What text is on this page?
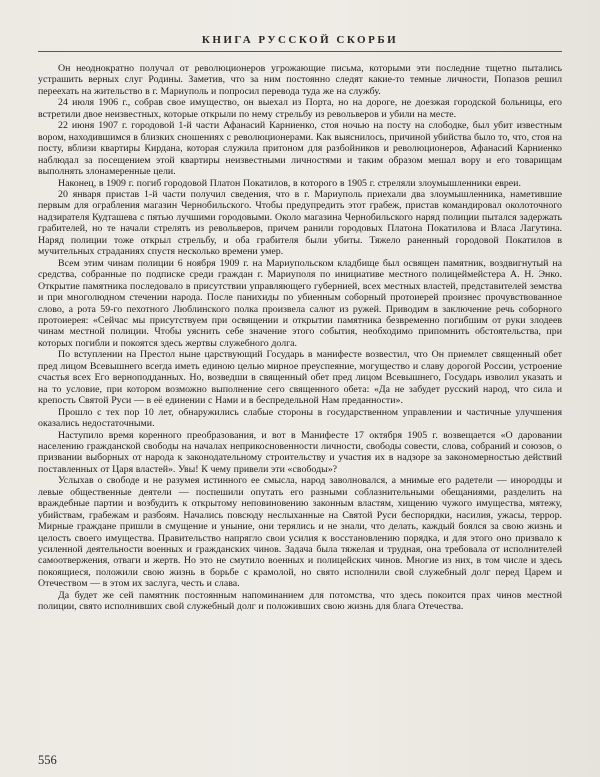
КНИГА РУССКОЙ СКОРБИ

Он неоднократно получал от революционеров угрожающие письма, которыми эти последние тщетно пытались устрашить верных слуг Родины. Заметив, что за ним постоянно следят какие-то темные личности, Попазов решил переехать на жительство в г. Мариуполь и попросил перевода туда же на службу.

24 июля 1906 г., собрав свое имущество, он выехал из Порта, но на дороге, не доезжая городской больницы, его встретили двое неизвестных, которые открыли по нему стрельбу из револьверов и убили на месте.

22 июня 1907 г. городовой 1-й части Афанасий Карниенко, стоя ночью на посту на слободке, был убит известным вором, находившимся в близких сношениях с революционерами. Как выяснилось, причиной убийства было то, что, стоя на посту, вблизи квартиры Кирдана, которая служила притоном для разбойников и революционеров, Афанасий Карниенко наблюдал за посещением этой квартиры неизвестными личностями и таким образом мешал вору и его товарищам выполнять злонамеренные цели.

Наконец, в 1909 г. погиб городовой Платон Покатилов, в которого в 1905 г. стреляли злоумышленники евреи.

20 января пристав 1-й части получил сведения, что в г. Мариуполь приехали два злоумышленника, наметившие первым для ограбления магазин Чернобильского. Чтобы предупредить этот грабеж, пристав командировал околоточного надзирателя Кудташева с пятью лучшими городовыми. Около магазина Чернобильского наряд полиции пытался задержать грабителей, но те начали стрелять из револьверов, причем ранили городовых Платона Покатилова и Власа Лагутина. Наряд полиции тоже открыл стрельбу, и оба грабителя были убиты. Тяжело раненный городовой Покатилов в мучительных страданиях спустя несколько времени умер.

Всем этим чинам полиции 6 ноября 1909 г. на Мариупольском кладбище был освящен памятник, воздвигнутый на средства, собранные по подписке среди граждан г. Мариуполя по инициативе местного полицеймейстера А. Н. Энко. Открытие памятника последовало в присутствии управляющего губернией, всех местных властей, представителей земства и при многолюдном стечении народа. После панихиды по убиенным соборный протоиерей произнес прочувствованное слово, а рота 59-го пехотного Люблинского полка произвела салют из ружей. Приводим в заключение речь соборного протоиерея: «Сейчас мы присутствуем при освящении и открытии памятника безвременно погибшим от руки злодеев чинам местной полиции. Чтобы уяснить себе значение этого события, необходимо припомнить обстоятельства, при которых погибли и покоятся здесь жертвы служебного долга.

По вступлении на Престол ныне царствующий Государь в манифесте возвестил, что Он приемлет священный обет пред лицом Всевышнего всегда иметь единою целью мирное преуспеяние, могущество и славу дорогой России, устроение счастья всех Его верноподданных. Но, возведши в священный обет пред лицом Всевышнего, Государь изволил указать и на то условие, при котором возможно выполнение сего священного обета: «Да не забудет русский народ, что сила и крепость Святой Руси — в её единении с Нами и в беспредельной Нам преданности».

Прошло с тех пор 10 лет, обнаружились слабые стороны в государственном управлении и частичные улучшения оказались недостаточными.

Наступило время коренного преобразования, и вот в Манифесте 17 октября 1905 г. возвещается «О даровании населению гражданской свободы на началах неприкосновенности личности, свободы совести, слова, собраний и союзов, о призвании выборных от народа к законодательному строительству и участия их в надзоре за закономерностью действий поставленных от Царя властей». Увы! К чему привели эти «свободы»?

Услыхав о свободе и не разумея истинного ее смысла, народ заволновался, а мнимые его радетели — инородцы и левые общественные деятели — поспешили опутать его разными соблазнительными обещаниями, разделить на враждебные партии и возбудить к открытому неповиновению законным властям, хищению чужого имущества, мятежу, убийствам, грабежам и разбоям. Начались повсюду неслыханные на Святой Руси беспорядки, насилия, ужасы, террор. Мирные граждане пришли в смущение и уныние, они терялись и не знали, что делать, каждый боялся за свою жизнь и целость своего имущества. Правительство напрягло свои усилия к восстановлению порядка, и для этого оно призвало к усиленной деятельности военных и гражданских чинов. Задача была тяжелая и трудная, она требовала от исполнителей самоотвержения, отваги и жертв. Но это не смутило военных и полицейских чинов. Многие из них, в том числе и здесь покоящиеся, положили свою жизнь в борьбе с крамолой, но свято исполнили свой служебный долг перед Царем и Отечеством — в этом их заслуга, честь и слава.

Да будет же сей памятник постоянным напоминанием для потомства, что здесь покоится прах чинов местной полиции, свято исполнивших свой служебный долг и положивших свою жизнь для блага Отечества.

556
